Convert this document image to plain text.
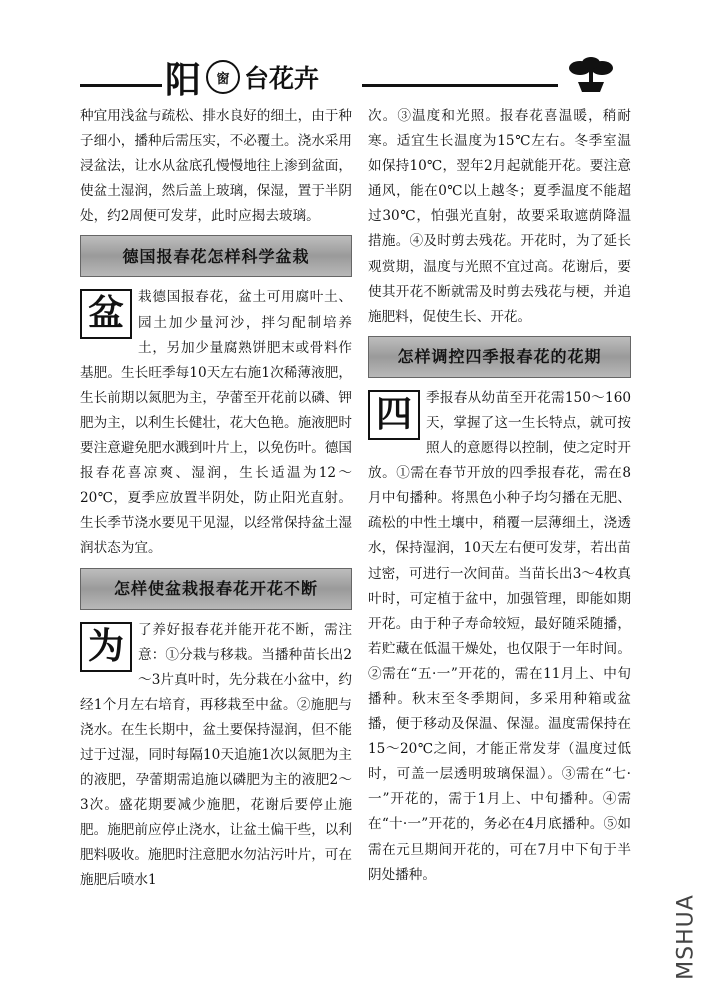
阳	窗 台花卉

种宜用浅盆与疏松、排水良好的细土，由于种子细小，播种后需压实，不必覆土。浇水采用浸盆法，让水从盆底孔慢慢地往上渗到盆面，使盆土湿润，然后盖上玻璃，保湿，置于半阴处，约2周便可发芽，此时应揭去玻璃。

德国报春花怎样科学盆栽

盆	栽德国报春花，盆土可用腐叶土、园土加少量河沙，拌匀配制培养土，另加少量腐熟饼肥末或骨料作基肥。生长旺季每10天左右施1次稀薄液肥，生长前期以氮肥为主，孕蕾至开花前以磷、钾肥为主，以利生长健壮，花大色艳。施液肥时要注意避免肥水溅到叶片上，以免伤叶。德国报春花喜凉爽、湿润，生长适温为12～20℃，夏季应放置半阴处，防止阳光直射。生长季节浇水要见干见湿，以经常保持盆土湿润状态为宜。

怎样使盆栽报春花开花不断

为	了养好报春花并能开花不断，需注意：①分栽与移栽。当播种苗长出2～3片真叶时，先分栽在小盆中，约经1个月左右培育，再移栽至中盆。②施肥与浇水。在生长期中，盆土要保持湿润，但不能过于过湿，同时每隔10天追施1次以氮肥为主的液肥，孕蕾期需追施以磷肥为主的液肥2～3次。盛花期要减少施肥，花谢后要停止施肥。施肥前应停止浇水，让盆土偏干些，以利肥料吸收。施肥时注意肥水勿沾污叶片，可在施肥后喷水1

次。③温度和光照。报春花喜温暖，稍耐寒。适宜生长温度为15℃左右。冬季室温如保持10℃，翌年2月起就能开花。要注意通风，能在0℃以上越冬；夏季温度不能超过30℃，怕强光直射，故要采取遮荫降温措施。④及时剪去残花。开花时，为了延长观赏期，温度与光照不宜过高。花谢后，要使其开花不断就需及时剪去残花与梗，并追施肥料，促使生长、开花。

怎样调控四季报春花的花期

四	季报春从幼苗至开花需150～160天，掌握了这一生长特点，就可按照人的意愿得以控制，使之定时开放。①需在春节开放的四季报春花，需在8月中旬播种。将黑色小种子均匀播在无肥、疏松的中性土壤中，稍覆一层薄细土，浇透水，保持湿润，10天左右便可发芽，若出苗过密，可进行一次间苗。当苗长出3～4枚真叶时，可定植于盆中，加强管理，即能如期开花。由于种子寿命较短，最好随采随播，若贮藏在低温干燥处，也仅限于一年时间。②需在“五·一”开花的，需在11月上、中旬播种。秋末至冬季期间，多采用种箱或盆播，便于移动及保温、保湿。温度需保持在15～20℃之间，才能正常发芽（温度过低时，可盖一层透明玻璃保温）。③需在“七·一”开花的，需于1月上、中旬播种。④需在“十·一”开花的，务必在4月底播种。⑤如需在元旦期间开花的，可在7月中下旬于半阴处播种。

MSHUA
